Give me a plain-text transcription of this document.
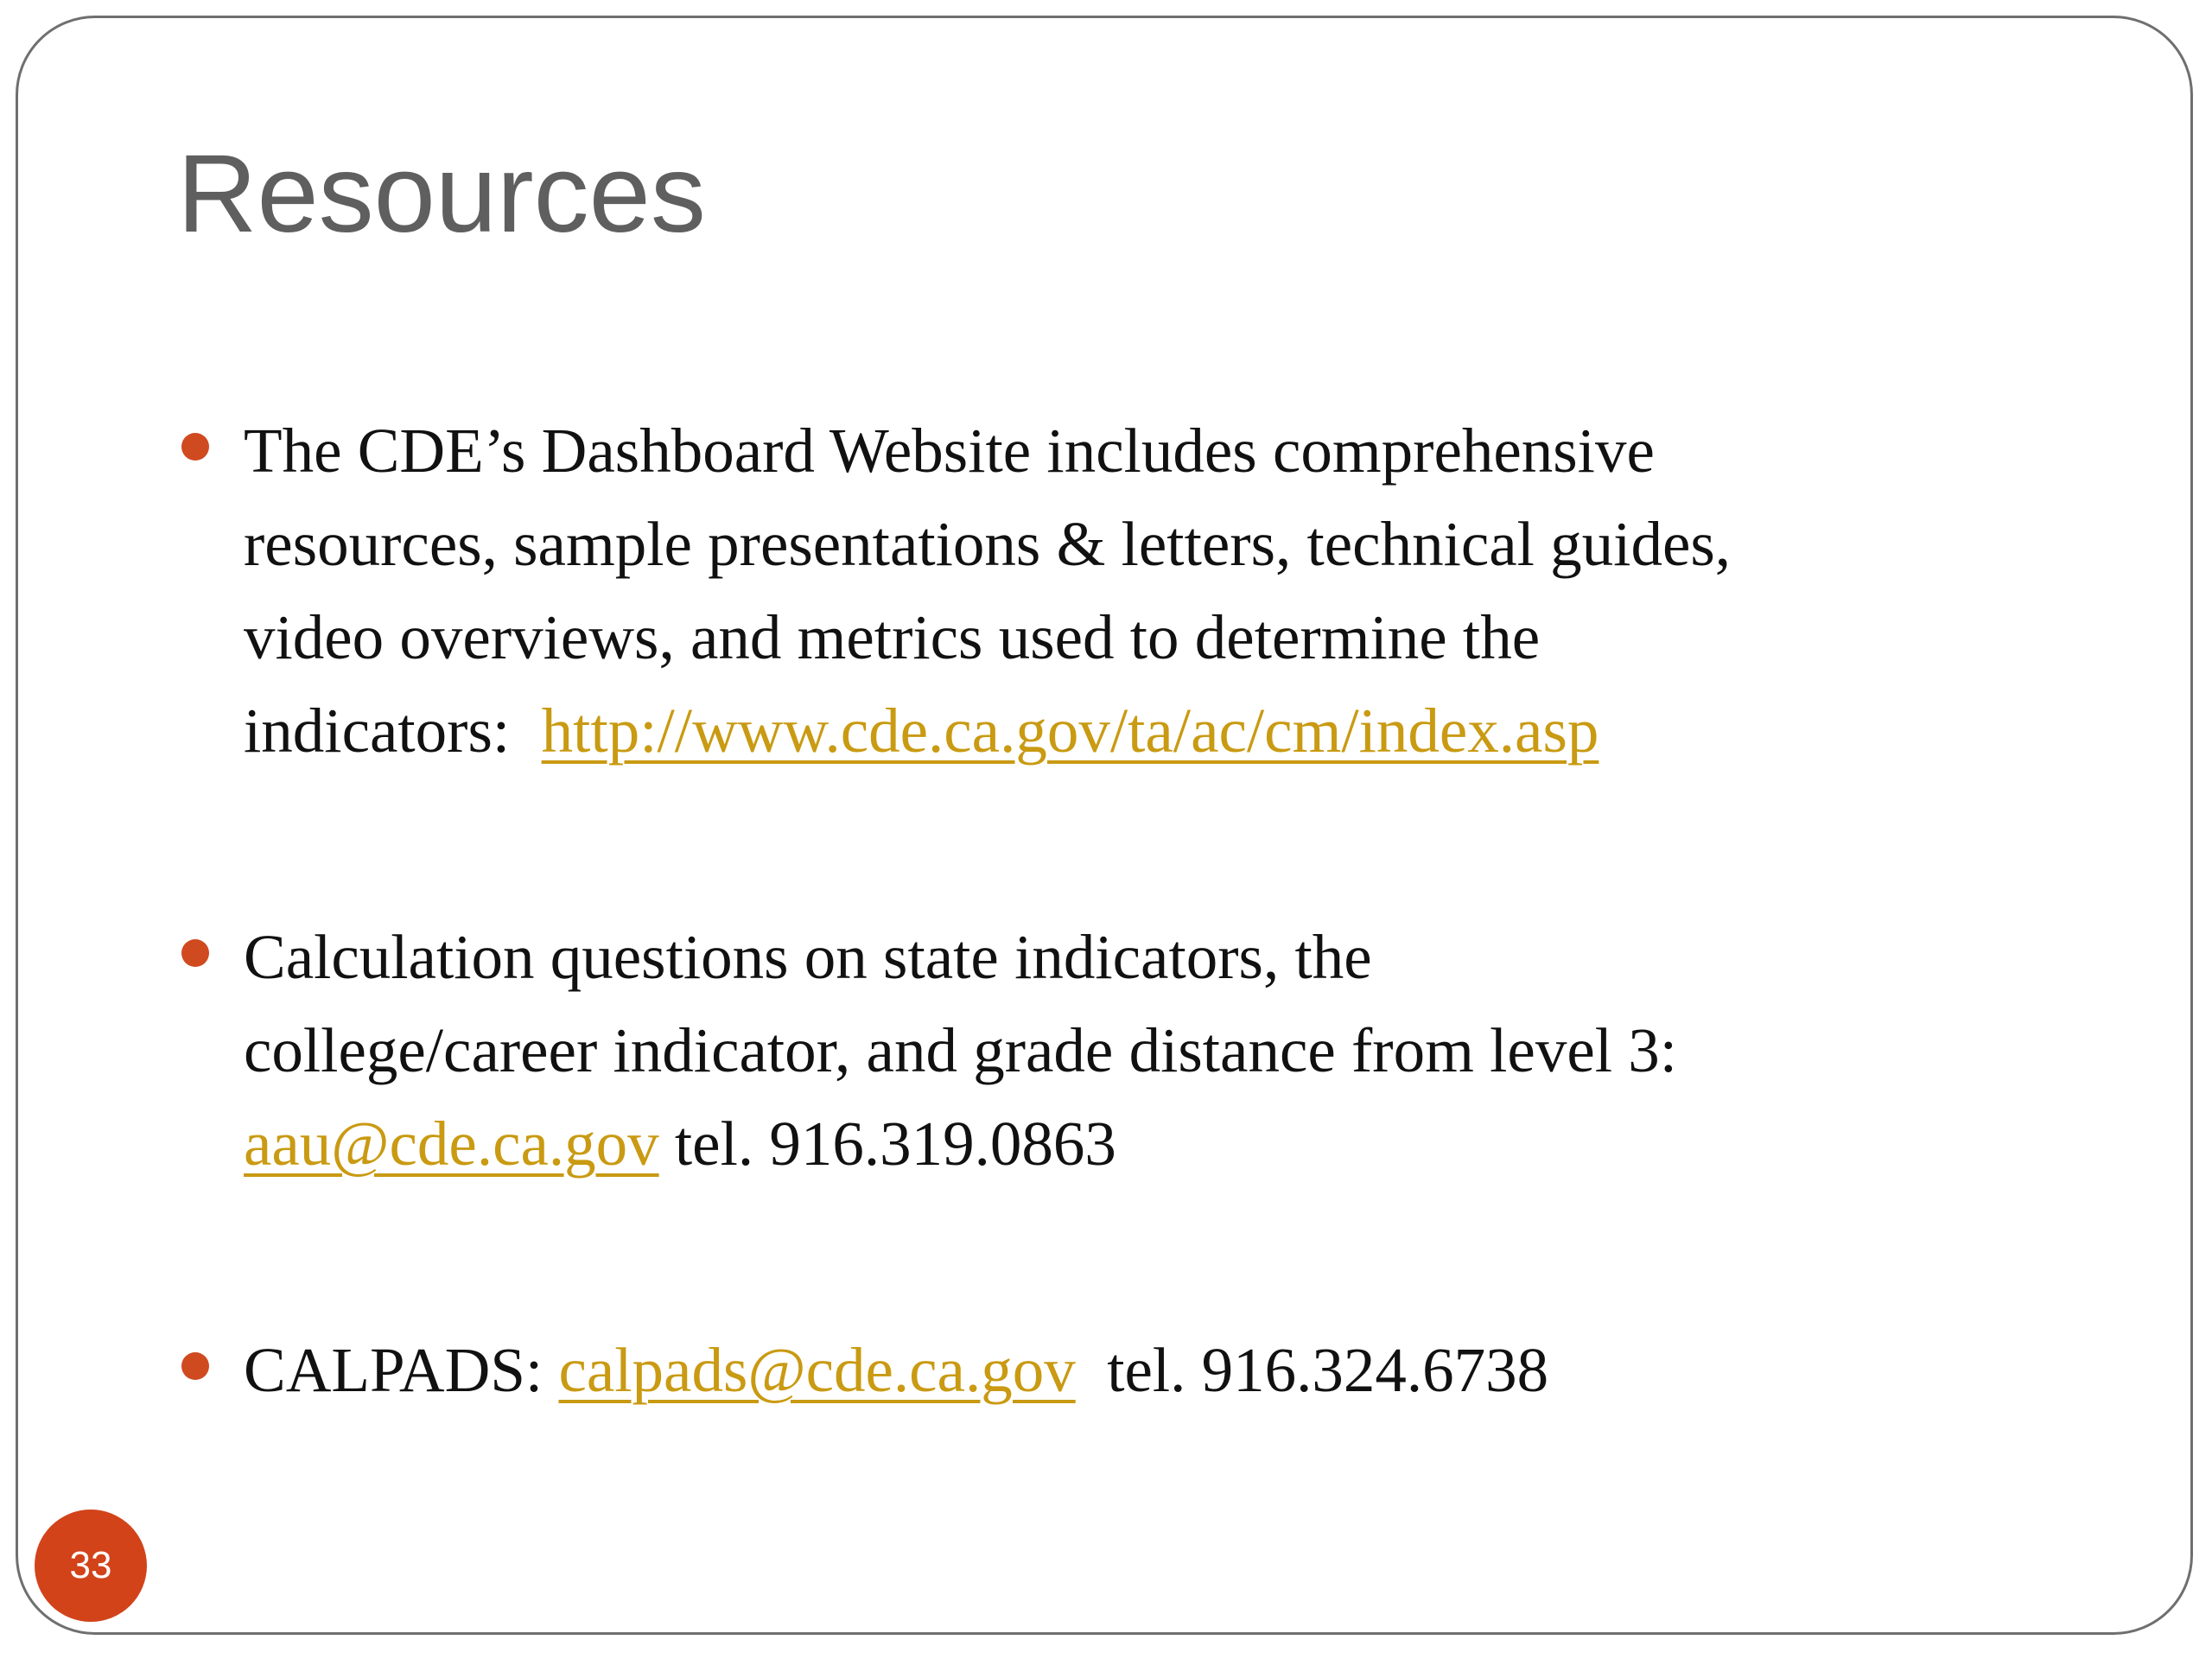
Resources
The CDE’s Dashboard Website includes comprehensive
resources, sample presentations & letters, technical guides,
video overviews, and metrics used to determine the
indicators: http://www.cde.ca.gov/ta/ac/cm/index.asp
Calculation questions on state indicators, the
college/career indicator, and grade distance from level 3:
aau@cde.ca.gov tel. 916.319.0863
CALPADS: calpads@cde.ca.gov tel. 916.324.6738
33
